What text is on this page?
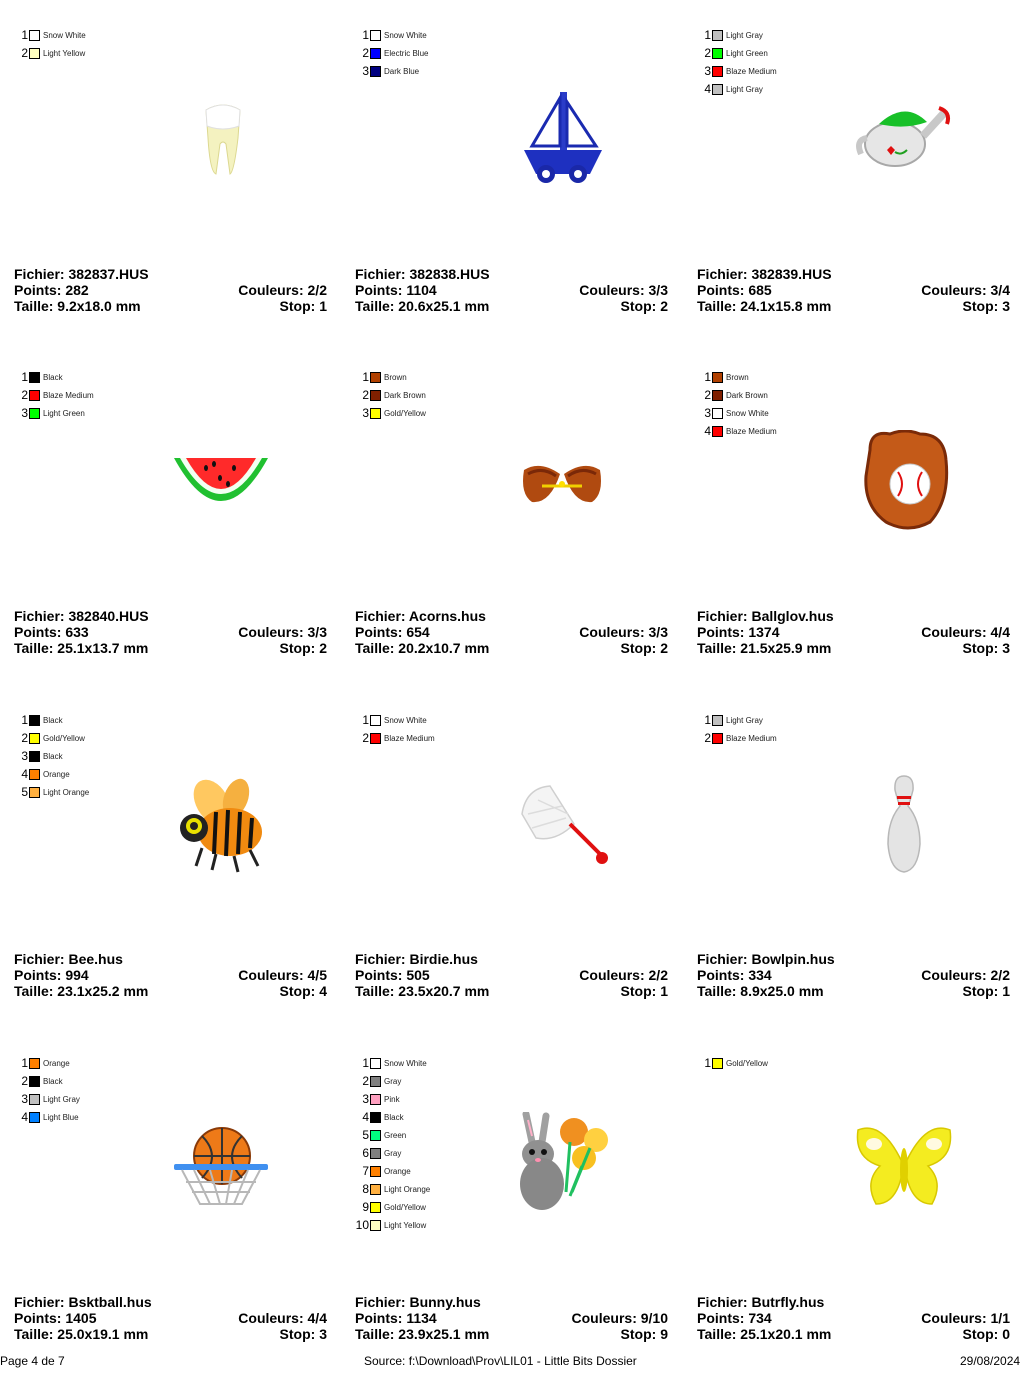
1 Snow White
2 Light Yellow
Fichier: 382837.HUS
Points: 282
Taille: 9.2x18.0 mm
Couleurs: 2/2
Stop: 1
1 Snow White
2 Electric Blue
3 Dark Blue
Fichier: 382838.HUS
Points: 1104
Taille: 20.6x25.1 mm
Couleurs: 3/3
Stop: 2
1 Light Gray
2 Light Green
3 Blaze Medium
4 Light Gray
Fichier: 382839.HUS
Points: 685
Taille: 24.1x15.8 mm
Couleurs: 3/4
Stop: 3
1 Black
2 Blaze Medium
3 Light Green
Fichier: 382840.HUS
Points: 633
Taille: 25.1x13.7 mm
Couleurs: 3/3
Stop: 2
1 Brown
2 Dark Brown
3 Gold/Yellow
Fichier: Acorns.hus
Points: 654
Taille: 20.2x10.7 mm
Couleurs: 3/3
Stop: 2
1 Brown
2 Dark Brown
3 Snow White
4 Blaze Medium
Fichier: Ballglov.hus
Points: 1374
Taille: 21.5x25.9 mm
Couleurs: 4/4
Stop: 3
1 Black
2 Gold/Yellow
3 Black
4 Orange
5 Light Orange
Fichier: Bee.hus
Points: 994
Taille: 23.1x25.2 mm
Couleurs: 4/5
Stop: 4
1 Snow White
2 Blaze Medium
Fichier: Birdie.hus
Points: 505
Taille: 23.5x20.7 mm
Couleurs: 2/2
Stop: 1
1 Light Gray
2 Blaze Medium
Fichier: Bowlpin.hus
Points: 334
Taille: 8.9x25.0 mm
Couleurs: 2/2
Stop: 1
1 Orange
2 Black
3 Light Gray
4 Light Blue
Fichier: Bsktball.hus
Points: 1405
Taille: 25.0x19.1 mm
Couleurs: 4/4
Stop: 3
1 Snow White
2 Gray
3 Pink
4 Black
5 Green
6 Gray
7 Orange
8 Light Orange
9 Gold/Yellow
10 Light Yellow
Fichier: Bunny.hus
Points: 1134
Taille: 23.9x25.1 mm
Couleurs: 9/10
Stop: 9
1 Gold/Yellow
Fichier: Butrfly.hus
Points: 734
Taille: 25.1x20.1 mm
Couleurs: 1/1
Stop: 0
Page 4 de 7	Source: f:\Download\Prov\LIL01 - Little Bits Dossier	29/08/2024
